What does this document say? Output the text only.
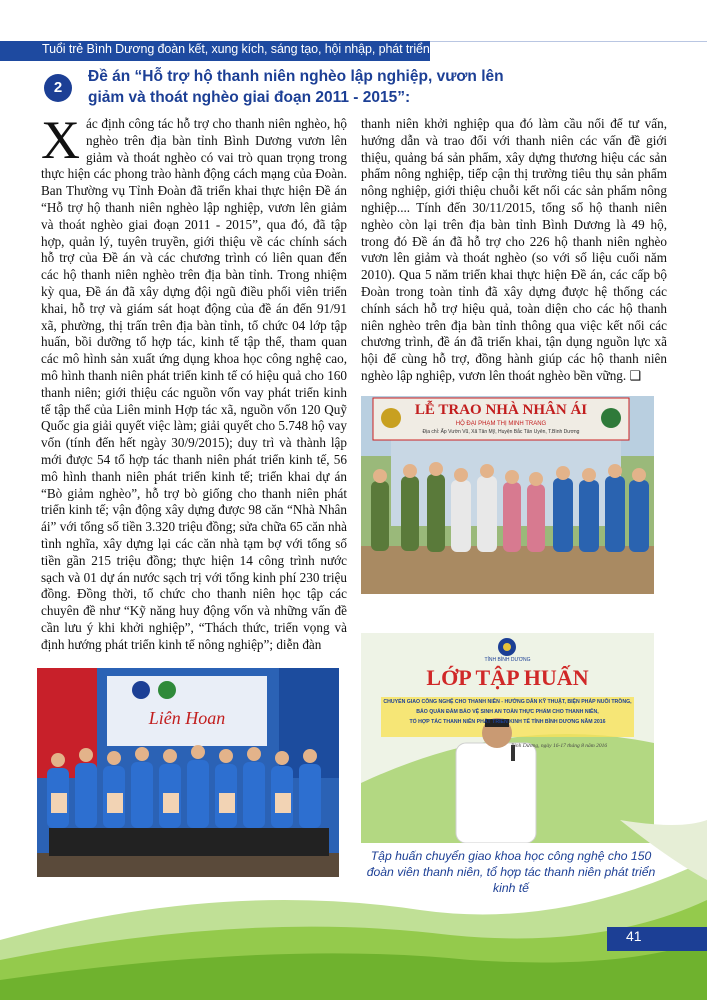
Tuổi trẻ Bình Dương đoàn kết, xung kích, sáng tạo, hội nhập, phát triển
2
Đề án “Hỗ trợ hộ thanh niên nghèo lập nghiệp, vươn lên giảm và thoát nghèo giai đoạn 2011 - 2015”:
Xác định công tác hỗ trợ cho thanh niên nghèo, hộ nghèo trên địa bàn tỉnh Bình Dương vươn lên giảm và thoát nghèo có vai trò quan trọng trong thực hiện các phong trào hành động cách mạng của Đoàn. Ban Thường vụ Tỉnh Đoàn đã triển khai thực hiện Đề án “Hỗ trợ hộ thanh niên nghèo lập nghiệp, vươn lên giảm và thoát nghèo giai đoạn 2011 - 2015”, qua đó, đã tập hợp, quản lý, tuyên truyền, giới thiệu về các chính sách hỗ trợ của Đề án và các chương trình có liên quan đến các hộ thanh niên nghèo trên địa bàn tỉnh. Trong nhiệm kỳ qua, Đề án đã xây dựng đội ngũ điều phối viên triển khai, hỗ trợ và giám sát hoạt động của đề án đến 91/91 xã, phường, thị trấn trên địa bàn tỉnh, tổ chức 04 lớp tập huấn, bồi dưỡng tổ hợp tác, kinh tế tập thể, tham quan các mô hình sản xuất ứng dụng khoa học công nghệ cao, mô hình thanh niên phát triển kinh tế có hiệu quả cho 160 thanh niên; giới thiệu các nguồn vốn vay phát triển kinh tế tập thể của Liên minh Hợp tác xã, nguồn vốn 120 Quỹ Quốc gia giải quyết việc làm; giải quyết cho 5.748 hộ vay vốn (tính đến hết ngày 30/9/2015); duy trì và thành lập mới được 54 tổ hợp tác thanh niên phát triển kinh tế, 56 mô hình thanh niên phát triển kinh tế; triển khai dự án “Bò giảm nghèo”, hỗ trợ bò giống cho thanh niên phát triển kinh tế; vận động xây dựng được 98 căn “Nhà Nhân ái” với tổng số tiền 3.320 triệu đồng; sửa chữa 65 căn nhà tình nghĩa, xây dựng lại các căn nhà tạm bợ với tổng số tiền gần 215 triệu đồng; thực hiện 14 công trình nước sạch và 01 dự án nước sạch trị với tổng kinh phí 230 triệu đồng. Đồng thời, tổ chức cho thanh niên học tập các chuyên đề như “Kỹ năng huy động vốn và những vấn đề cần lưu ý khi khởi nghiệp”, “Thách thức, triển vọng và định hướng phát triển kinh tế nông nghiệp”; diễn đàn
thanh niên khởi nghiệp qua đó làm cầu nối để tư vấn, hướng dẫn và trao đổi với thanh niên các vấn đề giới thiệu, quảng bá sản phẩm, xây dựng thương hiệu các sản phẩm nông nghiệp, tiếp cận thị trường tiêu thụ sản phẩm nông nghiệp, giới thiệu chuỗi kết nối các sản phẩm nông nghiệp.... Tính đến 30/11/2015, tổng số hộ thanh niên nghèo còn lại trên địa bàn tỉnh Bình Dương là 49 hộ, trong đó Đề án đã hỗ trợ cho 226 hộ thanh niên nghèo vươn lên giảm và thoát nghèo (so với số liệu cuối năm 2010). Qua 5 năm triển khai thực hiện Đề án, các cấp bộ Đoàn trong toàn tỉnh đã xây dựng được hệ thống các chính sách hỗ trợ hiệu quả, toàn diện cho các hộ thanh niên nghèo trên địa bàn tỉnh thông qua việc kết nối các chương trình, đề án đã triển khai, tận dụng nguồn lực xã hội để cùng hỗ trợ, đồng hành giúp các hộ thanh niên nghèo lập nghiệp, vươn lên thoát nghèo bền vững. ❑
LỄ TRAO NHÀ NHÂN ÁI
HỘ ĐẠI PHẠM THỊ MINH TRANG
Địa chỉ: Ấp Vườn Vũ, Xã Tân Mỹ, Huyện Bắc Tân Uyên, T.Bình Dương
TỈNH BÌNH DƯƠNG
LỚP TẬP HUẤN
CHUYỂN GIAO CÔNG NGHỆ CHO THANH NIÊN - HƯỚNG DẪN KỸ THUẬT, BIỆN PHÁP NUÔI TRỒNG,
BẢO QUẢN ĐẢM BẢO VỆ SINH AN TOÀN THỰC PHẨM CHO THANH NIÊN,
TỔ HỢP TÁC THANH NIÊN PHÁT TRIỂN KINH TẾ TỈNH BÌNH DƯƠNG NĂM 2016
Bình Dương, ngày 16-17 tháng 8 năm 2016
Liên Hoan
Tập huấn chuyển giao khoa học công nghệ cho 150 đoàn viên thanh niên, tổ hợp tác thanh niên phát triển kinh tế
41
